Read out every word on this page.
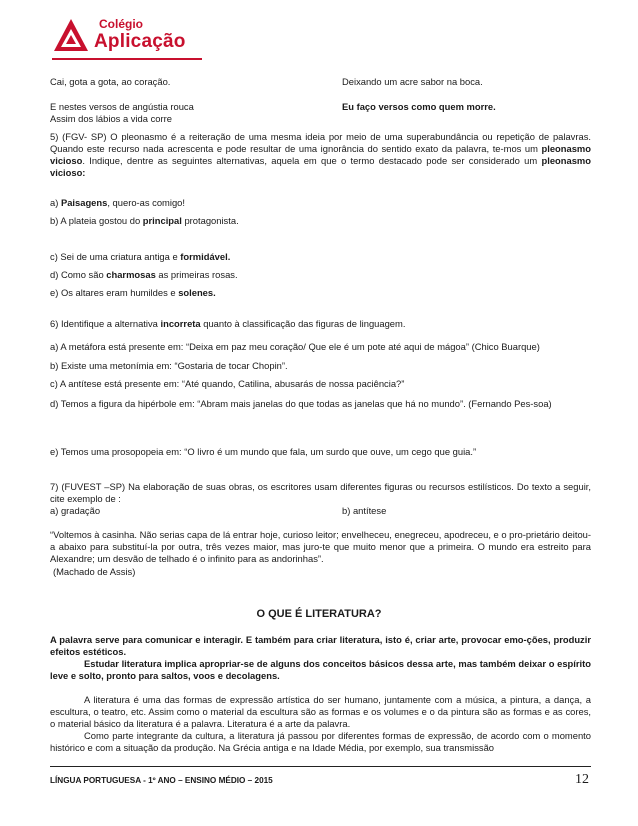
Colégio
Aplicação

Cai, gota a gota, ao coração.	Deixando um acre sabor na boca.

E nestes versos de angústia rouca	Eu faço versos como quem morre.

Assim dos lábios a vida corre

5) (FGV- SP) O pleonasmo é a reiteração de uma mesma ideia por meio de uma superabundância ou repetição de palavras. Quando este recurso nada acrescenta e pode resultar de uma ignorância do sentido exato da palavra, te-mos um pleonasmo vicioso. Indique, dentre as seguintes alternativas, aquela em que o termo destacado pode ser considerado um pleonasmo vicioso:

a) Paisagens, quero-as comigo!

b) A plateia gostou do principal protagonista.

c) Sei de uma criatura antiga e formidável.

d) Como são charmosas as primeiras rosas.

e) Os altares eram humildes e solenes.

6) Identifique a alternativa incorreta quanto à classificação das figuras de linguagem.

a) A metáfora está presente em: “Deixa em paz meu coração/ Que ele é um pote até aqui de mágoa” (Chico Buarque)

b) Existe uma metonímia em: “Gostaria de tocar Chopin”.

c) A antítese está presente em: “Até quando, Catilina, abusarás de nossa paciência?”

d) Temos a figura da hipérbole em: “Abram mais janelas do que todas as janelas que há no mundo”. (Fernando Pes-soa)

e) Temos uma prosopopeia em: “O livro é um mundo que fala, um surdo que ouve, um cego que guia.”

7) (FUVEST –SP) Na elaboração de suas obras, os escritores usam diferentes figuras ou recursos estilísticos. Do texto a seguir, cite exemplo de :

a) gradação	b) antítese

“Voltemos à casinha. Não serias capa de lá entrar hoje, curioso leitor; envelheceu, enegreceu, apodreceu, e o pro-prietário deitou-a abaixo para substituí-la por outra, três vezes maior, mas juro-te que muito menor que a primeira. O mundo era estreito para Alexandre; um desvão de telhado é o infinito para as andorinhas”.

(Machado de Assis)

O QUE É LITERATURA?

A palavra serve para comunicar e interagir. E também para criar literatura, isto é, criar arte, provocar emo-ções, produzir efeitos estéticos.

Estudar literatura implica apropriar-se de alguns dos conceitos básicos dessa arte, mas também deixar o espírito leve e solto, pronto para saltos, voos e decolagens.

A literatura é uma das formas de expressão artística do ser humano, juntamente com a música, a pintura, a dança, a escultura, o teatro, etc. Assim como o material da escultura são as formas e os volumes e o da pintura são as formas e as cores, o material básico da literatura é a palavra. Literatura é a arte da palavra.

Como parte integrante da cultura, a literatura já passou por diferentes formas de expressão, de acordo com o momento histórico e com a situação da produção. Na Grécia antiga e na Idade Média, por exemplo, sua transmissão

LÍNGUA PORTUGUESA - 1º ANO – ENSINO MÉDIO – 2015	12
